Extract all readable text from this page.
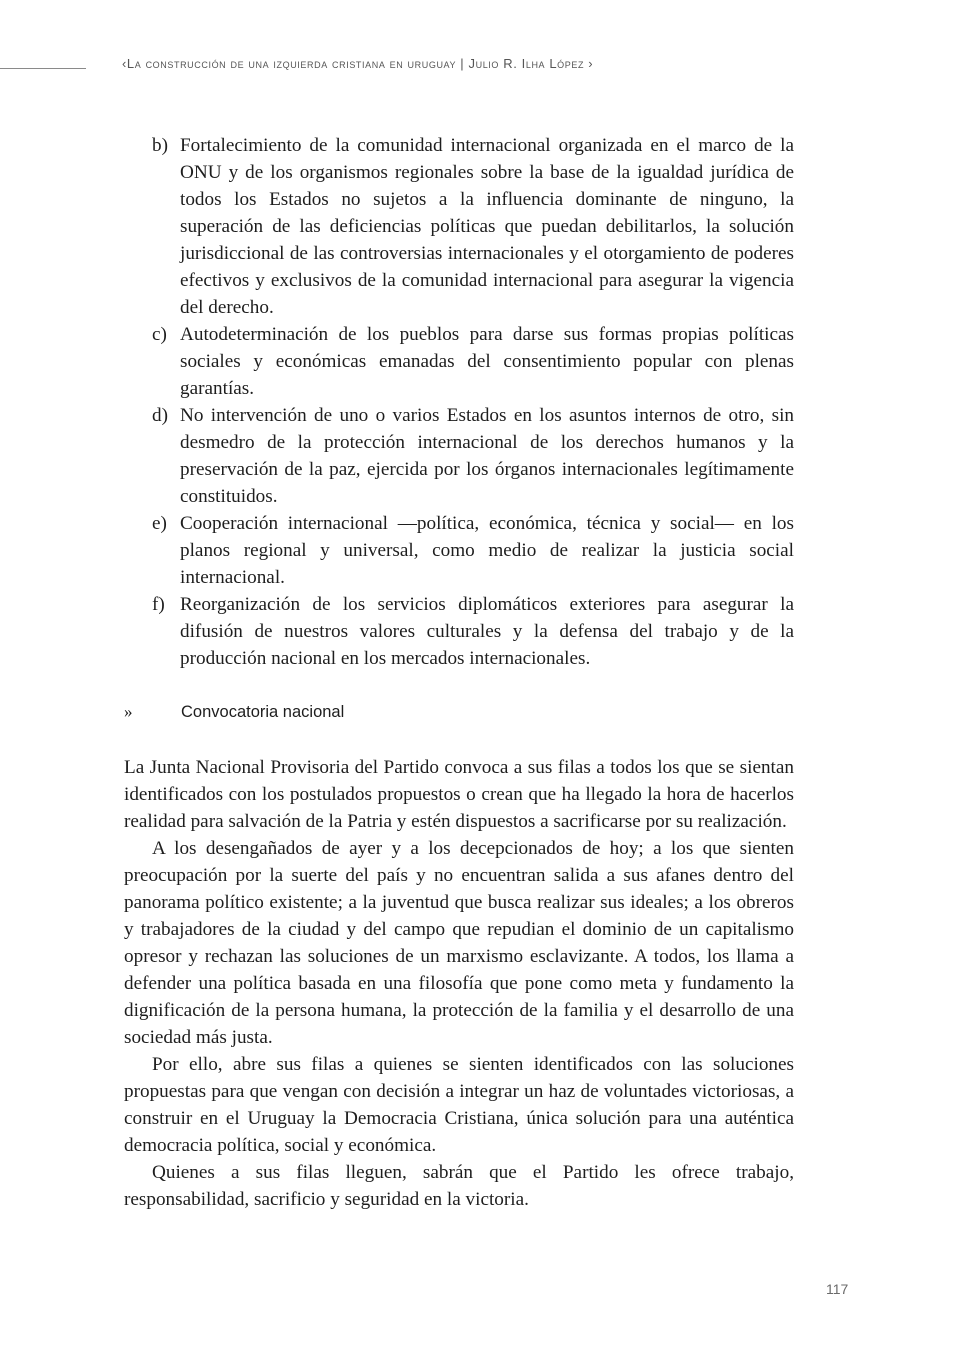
‹La construcción de una izquierda cristiana en uruguay | Julio R. Ilha López ›
b) Fortalecimiento de la comunidad internacional organizada en el marco de la ONU y de los organismos regionales sobre la base de la igualdad jurídica de todos los Estados no sujetos a la influencia dominante de ninguno, la superación de las deficiencias políticas que puedan debilitarlos, la solución jurisdiccional de las controversias internacionales y el otorgamiento de poderes efectivos y exclusivos de la comunidad internacional para asegurar la vigencia del derecho.
c) Autodeterminación de los pueblos para darse sus formas propias políticas sociales y económicas emanadas del consentimiento popular con plenas garantías.
d) No intervención de uno o varios Estados en los asuntos internos de otro, sin desmedro de la protección internacional de los derechos humanos y la preservación de la paz, ejercida por los órganos internacionales legítimamente constituidos.
e) Cooperación internacional —política, económica, técnica y social— en los planos regional y universal, como medio de realizar la justicia social internacional.
f) Reorganización de los servicios diplomáticos exteriores para asegurar la difusión de nuestros valores culturales y la defensa del trabajo y de la producción nacional en los mercados internacionales.
»	Convocatoria nacional

La Junta Nacional Provisoria del Partido convoca a sus filas a todos los que se sientan identificados con los postulados propuestos o crean que ha llegado la hora de hacerlos realidad para salvación de la Patria y estén dispuestos a sacrificarse por su realización.

A los desengañados de ayer y a los decepcionados de hoy; a los que sienten preocupación por la suerte del país y no encuentran salida a sus afanes dentro del panorama político existente; a la juventud que busca realizar sus ideales; a los obreros y trabajadores de la ciudad y del campo que repudian el dominio de un capitalismo opresor y rechazan las soluciones de un marxismo esclavizante. A todos, los llama a defender una política basada en una filosofía que pone como meta y fundamento la dignificación de la persona humana, la protección de la familia y el desarrollo de una sociedad más justa.

Por ello, abre sus filas a quienes se sienten identificados con las soluciones propuestas para que vengan con decisión a integrar un haz de voluntades victoriosas, a construir en el Uruguay la Democracia Cristiana, única solución para una auténtica democracia política, social y económica.

Quienes a sus filas lleguen, sabrán que el Partido les ofrece trabajo, responsabilidad, sacrificio y seguridad en la victoria.

117
